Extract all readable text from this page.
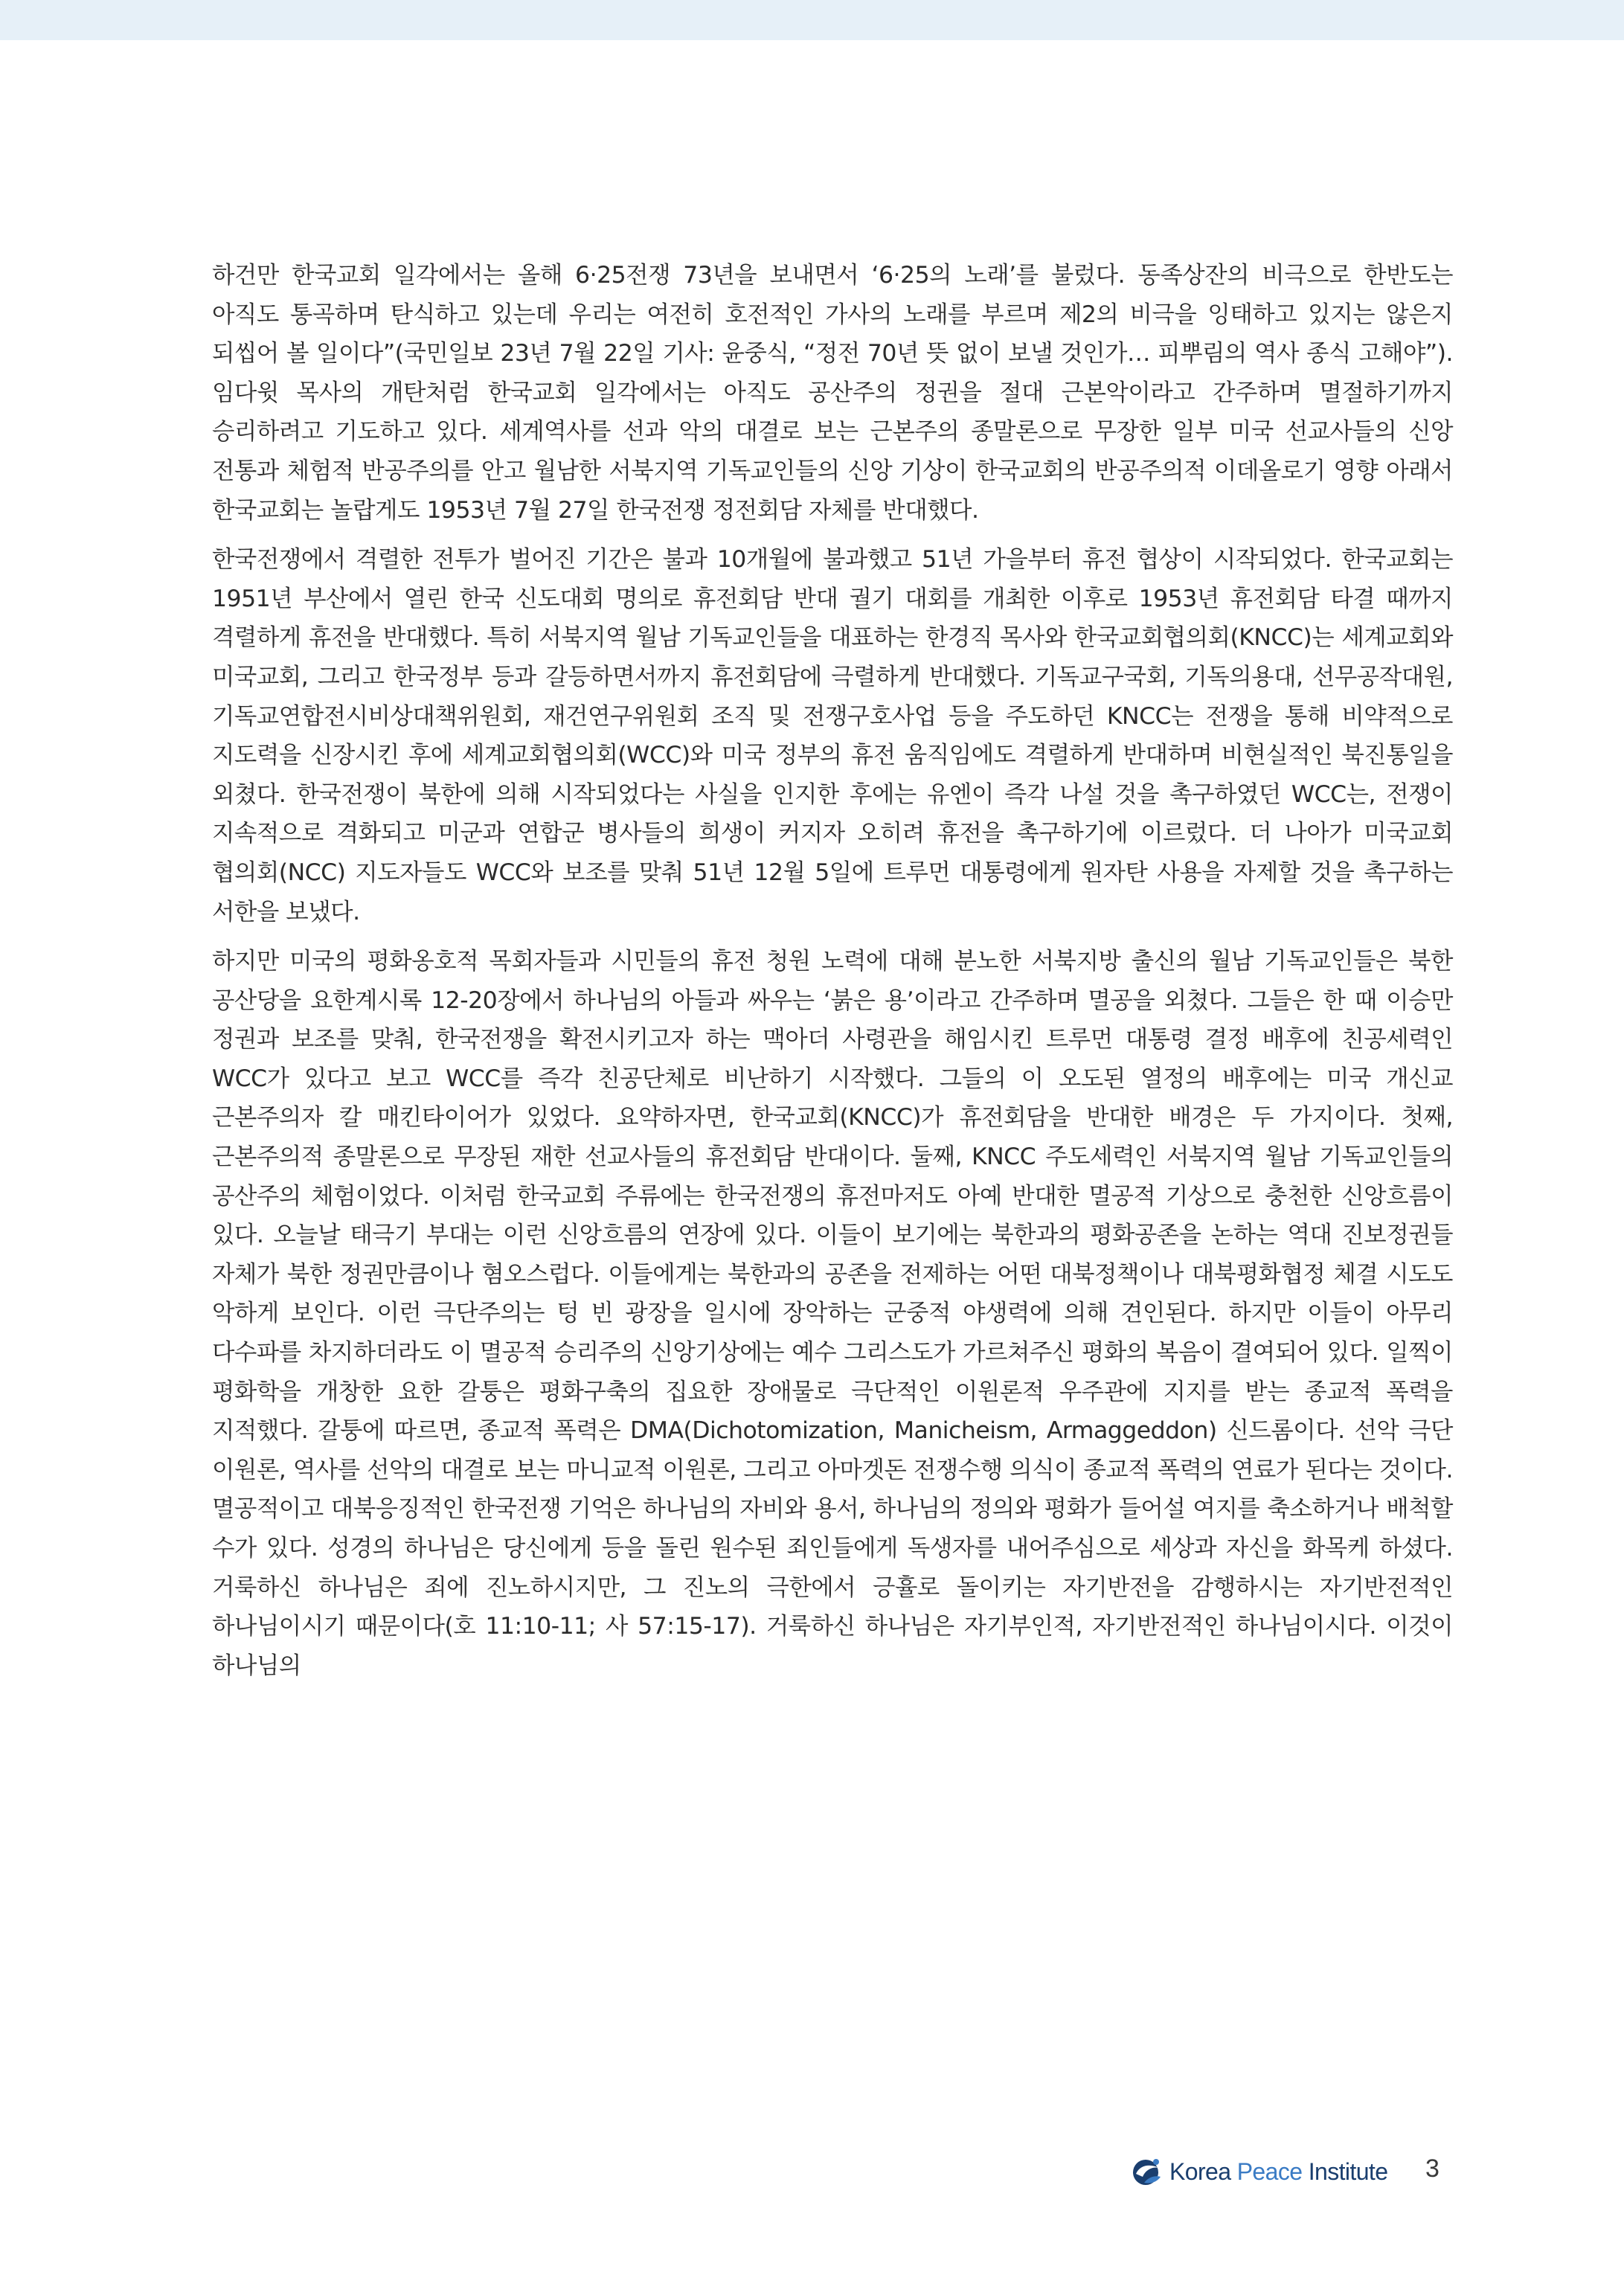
하건만 한국교회 일각에서는 올해 6·25전쟁 73년을 보내면서 ‘6·25의 노래’를 불렀다. 동족상잔의 비극으로 한반도는 아직도 통곡하며 탄식하고 있는데 우리는 여전히 호전적인 가사의 노래를 부르며 제2의 비극을 잉태하고 있지는 않은지 되씹어 볼 일이다”(국민일보 23년 7월 22일 기사: 윤중식, “정전 70년 뜻 없이 보낼 것인가… 피뿌림의 역사 종식 고해야”). 임다윗 목사의 개탄처럼 한국교회 일각에서는 아직도 공산주의 정권을 절대 근본악이라고 간주하며 멸절하기까지 승리하려고 기도하고 있다. 세계역사를 선과 악의 대결로 보는 근본주의 종말론으로 무장한 일부 미국 선교사들의 신앙 전통과 체험적 반공주의를 안고 월남한 서북지역 기독교인들의 신앙 기상이 한국교회의 반공주의적 이데올로기 영향 아래서 한국교회는 놀랍게도 1953년 7월 27일 한국전쟁 정전회담 자체를 반대했다.

한국전쟁에서 격렬한 전투가 벌어진 기간은 불과 10개월에 불과했고 51년 가을부터 휴전 협상이 시작되었다. 한국교회는 1951년 부산에서 열린 한국 신도대회 명의로 휴전회담 반대 궐기 대회를 개최한 이후로 1953년 휴전회담 타결 때까지 격렬하게 휴전을 반대했다. 특히 서북지역 월남 기독교인들을 대표하는 한경직 목사와 한국교회협의회(KNCC)는 세계교회와 미국교회, 그리고 한국정부 등과 갈등하면서까지 휴전회담에 극렬하게 반대했다. 기독교구국회, 기독의용대, 선무공작대원, 기독교연합전시비상대책위원회, 재건연구위원회 조직 및 전쟁구호사업 등을 주도하던 KNCC는 전쟁을 통해 비약적으로 지도력을 신장시킨 후에 세계교회협의회(WCC)와 미국 정부의 휴전 움직임에도 격렬하게 반대하며 비현실적인 북진통일을 외쳤다. 한국전쟁이 북한에 의해 시작되었다는 사실을 인지한 후에는 유엔이 즉각 나설 것을 촉구하였던 WCC는, 전쟁이 지속적으로 격화되고 미군과 연합군 병사들의 희생이 커지자 오히려 휴전을 촉구하기에 이르렀다. 더 나아가 미국교회 협의회(NCC) 지도자들도 WCC와 보조를 맞춰 51년 12월 5일에 트루먼 대통령에게 원자탄 사용을 자제할 것을 촉구하는 서한을 보냈다.

하지만 미국의 평화옹호적 목회자들과 시민들의 휴전 청원 노력에 대해 분노한 서북지방 출신의 월남 기독교인들은 북한 공산당을 요한계시록 12-20장에서 하나님의 아들과 싸우는 ‘붉은 용’이라고 간주하며 멸공을 외쳤다. 그들은 한 때 이승만 정권과 보조를 맞춰, 한국전쟁을 확전시키고자 하는 맥아더 사령관을 해임시킨 트루먼 대통령 결정 배후에 친공세력인 WCC가 있다고 보고 WCC를 즉각 친공단체로 비난하기 시작했다. 그들의 이 오도된 열정의 배후에는 미국 개신교 근본주의자 칼 매킨타이어가 있었다. 요약하자면, 한국교회(KNCC)가 휴전회담을 반대한 배경은 두 가지이다. 첫째, 근본주의적 종말론으로 무장된 재한 선교사들의 휴전회담 반대이다. 둘째, KNCC 주도세력인 서북지역 월남 기독교인들의 공산주의 체험이었다. 이처럼 한국교회 주류에는 한국전쟁의 휴전마저도 아예 반대한 멸공적 기상으로 충천한 신앙흐름이 있다. 오늘날 태극기 부대는 이런 신앙흐름의 연장에 있다. 이들이 보기에는 북한과의 평화공존을 논하는 역대 진보정권들 자체가 북한 정권만큼이나 혐오스럽다. 이들에게는 북한과의 공존을 전제하는 어떤 대북정책이나 대북평화협정 체결 시도도 악하게 보인다. 이런 극단주의는 텅 빈 광장을 일시에 장악하는 군중적 야생력에 의해 견인된다. 하지만 이들이 아무리 다수파를 차지하더라도 이 멸공적 승리주의 신앙기상에는 예수 그리스도가 가르쳐주신 평화의 복음이 결여되어 있다. 일찍이 평화학을 개창한 요한 갈퉁은 평화구축의 집요한 장애물로 극단적인 이원론적 우주관에 지지를 받는 종교적 폭력을 지적했다. 갈퉁에 따르면, 종교적 폭력은 DMA(Dichotomization, Manicheism, Armaggeddon) 신드롬이다. 선악 극단 이원론, 역사를 선악의 대결로 보는 마니교적 이원론, 그리고 아마겟돈 전쟁수행 의식이 종교적 폭력의 연료가 된다는 것이다. 멸공적이고 대북응징적인 한국전쟁 기억은 하나님의 자비와 용서, 하나님의 정의와 평화가 들어설 여지를 축소하거나 배척할 수가 있다. 성경의 하나님은 당신에게 등을 돌린 원수된 죄인들에게 독생자를 내어주심으로 세상과 자신을 화목케 하셨다. 거룩하신 하나님은 죄에 진노하시지만, 그 진노의 극한에서 긍휼로 돌이키는 자기반전을 감행하시는 자기반전적인 하나님이시기 때문이다(호 11:10-11; 사 57:15-17). 거룩하신 하나님은 자기부인적, 자기반전적인 하나님이시다. 이것이 하나님의

Korea Peace Institute 3
